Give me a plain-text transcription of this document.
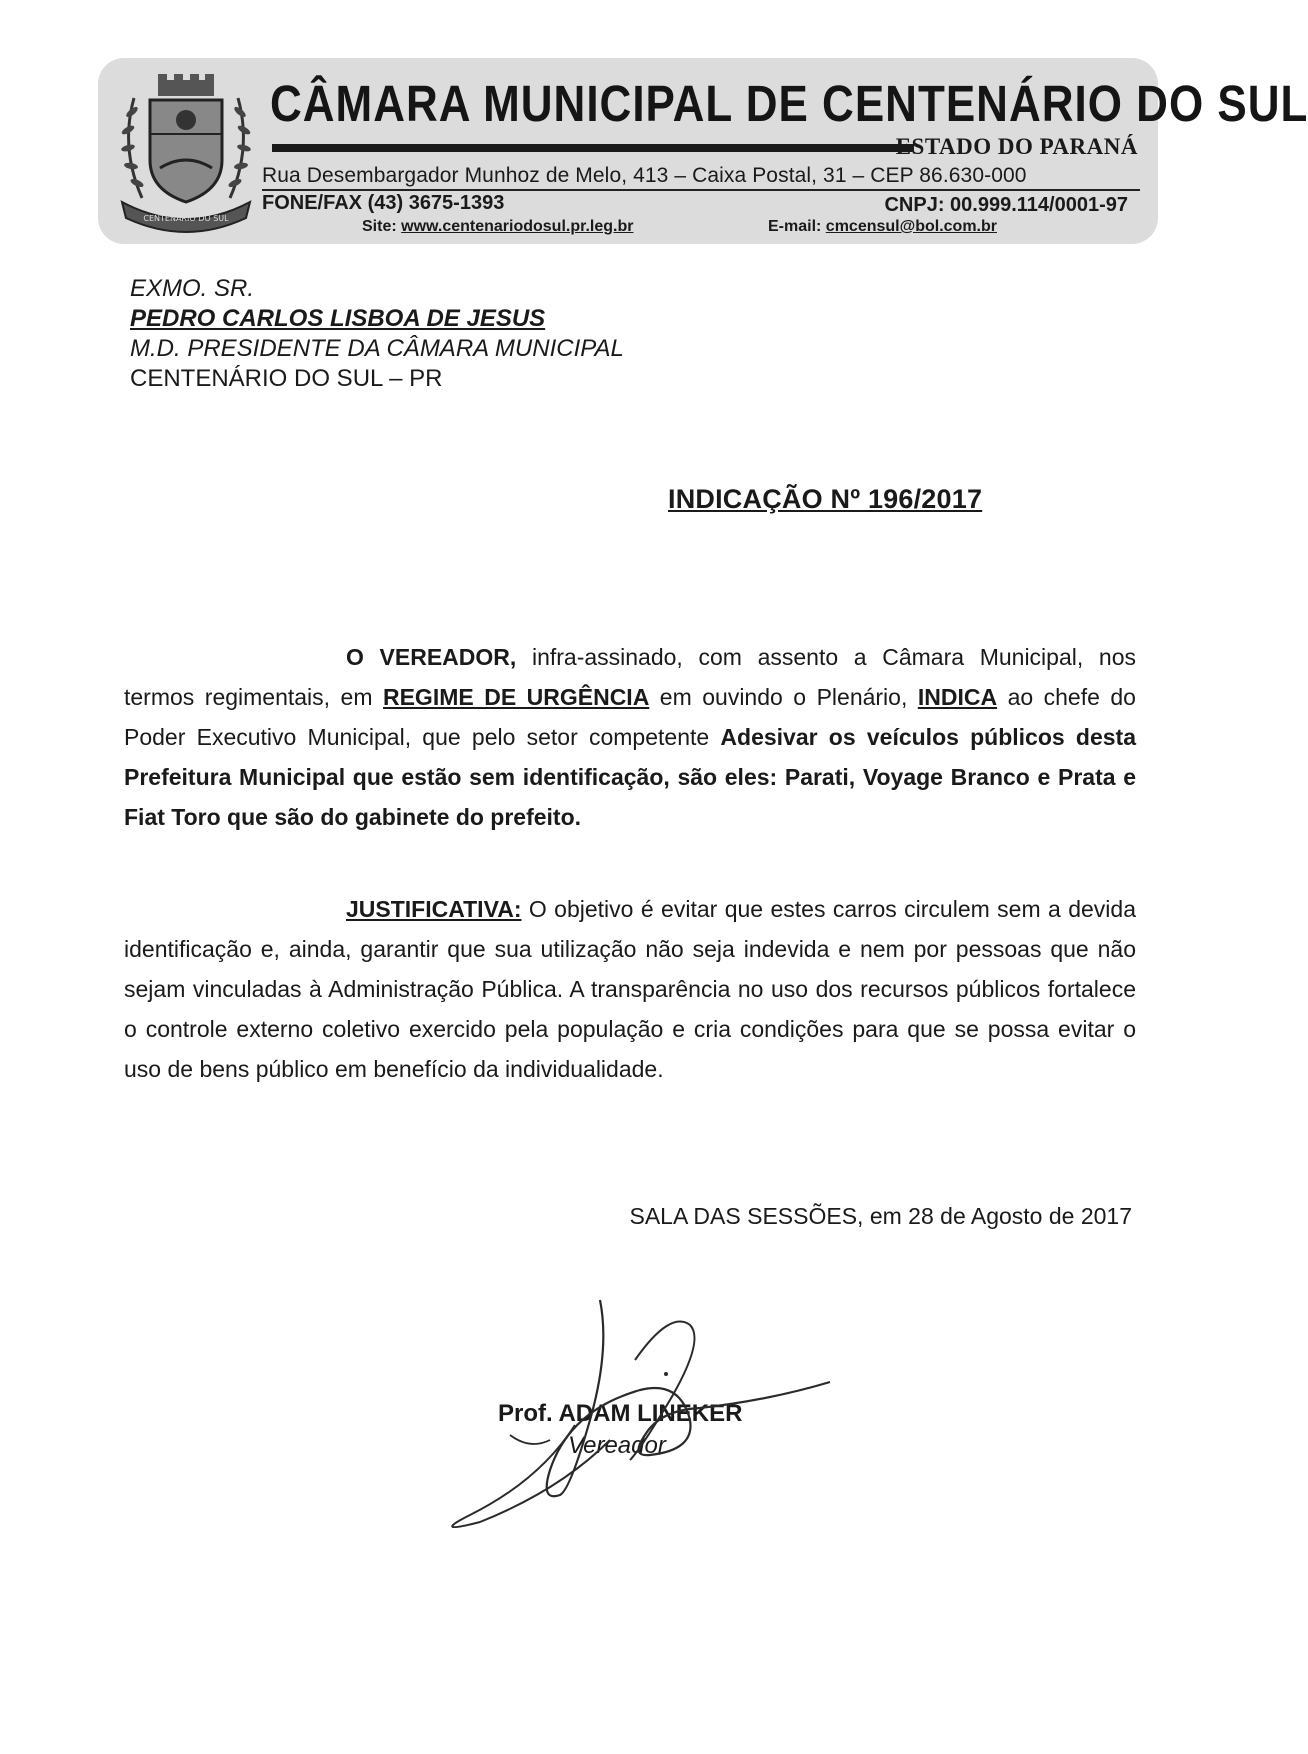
CENTENÁRIO DO SUL
CÂMARA MUNICIPAL DE CENTENÁRIO DO SUL
ESTADO DO PARANÁ
Rua Desembargador Munhoz de Melo, 413 – Caixa Postal, 31 – CEP 86.630-000
FONE/FAX (43) 3675-1393	CNPJ: 00.999.114/0001-97
Site: www.centenariodosul.pr.leg.br	E-mail: cmcensul@bol.com.br
EXMO. SR.
PEDRO CARLOS LISBOA DE JESUS
M.D. PRESIDENTE DA CÂMARA MUNICIPAL
CENTENÁRIO DO SUL – PR
INDICAÇÃO Nº 196/2017

O VEREADOR, infra-assinado, com assento a Câmara Municipal, nos termos regimentais, em REGIME DE URGÊNCIA em ouvindo o Plenário, INDICA ao chefe do Poder Executivo Municipal, que pelo setor competente Adesivar os veículos públicos desta Prefeitura Municipal que estão sem identificação, são eles: Parati, Voyage Branco e Prata e Fiat Toro que são do gabinete do prefeito.

JUSTIFICATIVA: O objetivo é evitar que estes carros circulem sem a devida identificação e, ainda, garantir que sua utilização não seja indevida e nem por pessoas que não sejam vinculadas à Administração Pública. A transparência no uso dos recursos públicos fortalece o controle externo coletivo exercido pela população e cria condições para que se possa evitar o uso de bens público em benefício da individualidade.

SALA DAS SESSÕES, em 28 de Agosto de 2017
Prof. ADAM LINEKER
Vereador
